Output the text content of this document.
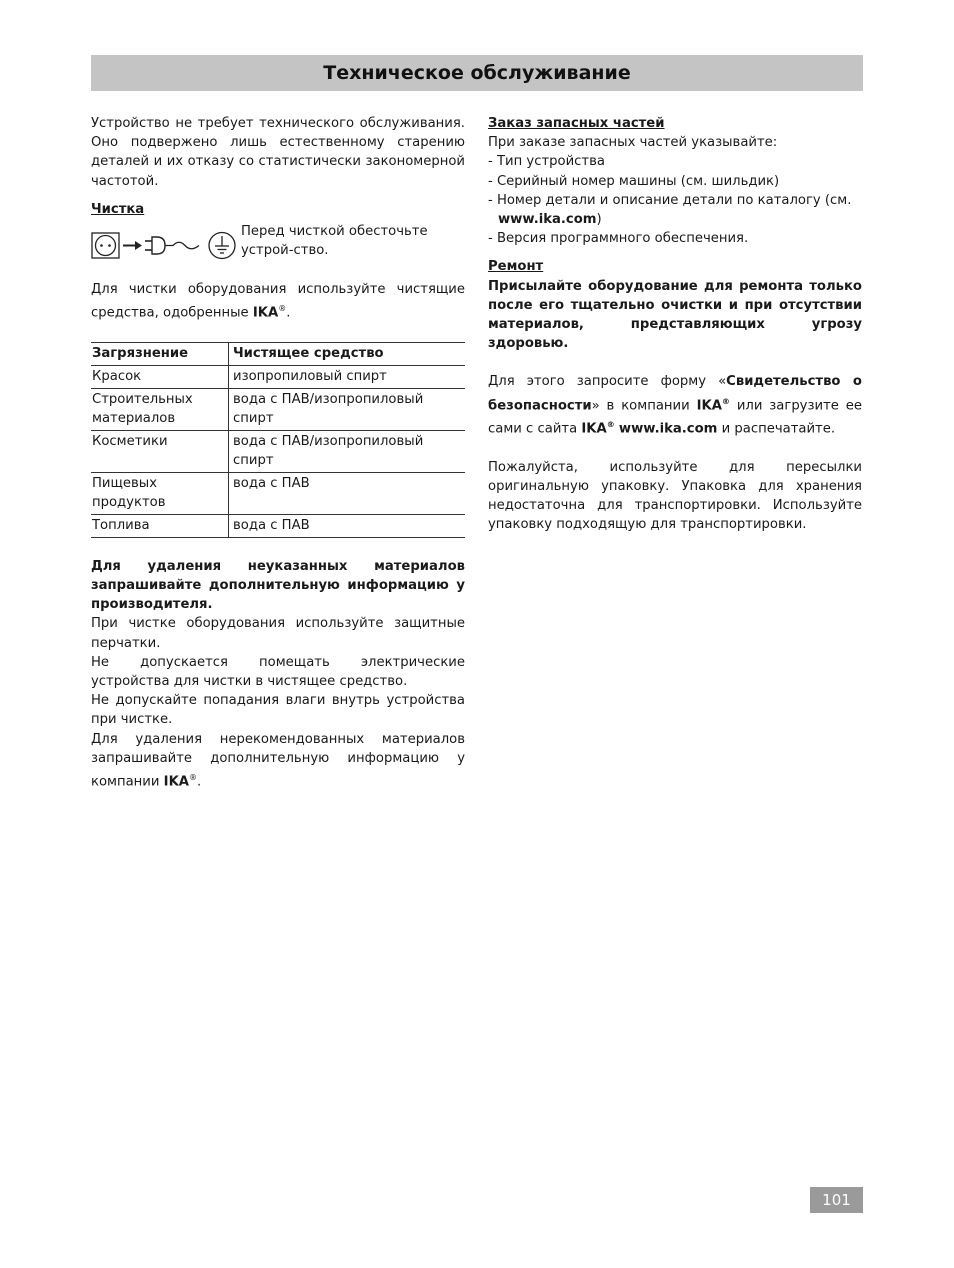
Техническое обслуживание

Устройство не требует технического обслуживания. Оно подвержено лишь естественному старению деталей и их отказу со статистически закономерной частотой.

Чистка

Перед чисткой обесточьте устрой-ство.

Для чистки оборудования используйте чистящие средства, одобренные IKA®.

Загрязнение	Чистящее средство
Красок	изопропиловый спирт
Строительных материалов	вода с ПАВ/изопропиловый спирт
Косметики	вода с ПАВ/изопропиловый спирт
Пищевых продуктов	вода с ПАВ
Топлива	вода с ПАВ

Для удаления неуказанных материалов запрашивайте дополнительную информацию у производителя.

При чистке оборудования используйте защитные перчатки.

Не допускается помещать электрические устройства для чистки в чистящее средство.

Не допускайте попадания влаги внутрь устройства при чистке.

Для удаления нерекомендованных материалов запрашивайте дополнительную информацию у компании IKA®.

Заказ запасных частей

При заказе запасных частей указывайте:

- Тип устройства
- Серийный номер машины (см. шильдик)
- Номер детали и описание детали по каталогу (см. www.ika.com)
- Версия программного обеспечения.

Ремонт

Присылайте оборудование для ремонта только после его тщательно очистки и при отсутствии материалов, представляющих угрозу здоровью.

Для этого запросите форму «Свидетельство о безопасности» в компании IKA® или загрузите ее сами с сайта IKA® www.ika.com и распечатайте.

Пожалуйста, используйте для пересылки оригинальную упаковку. Упаковка для хранения недостаточна для транспортировки. Используйте упаковку подходящую для транспортировки.

101
